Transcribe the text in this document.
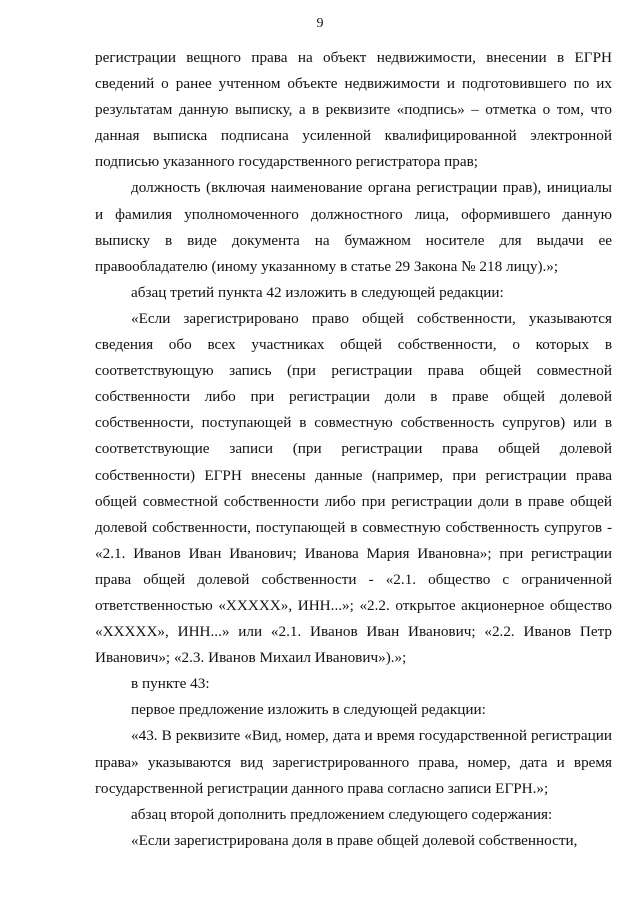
9

регистрации вещного права на объект недвижимости, внесении в ЕГРН сведений о ранее учтенном объекте недвижимости и подготовившего по их результатам данную выписку, а в реквизите «подпись» – отметка о том, что данная выписка подписана усиленной квалифицированной электронной подписью указанного государственного регистратора прав;

должность (включая наименование органа регистрации прав), инициалы и фамилия уполномоченного должностного лица, оформившего данную выписку в виде документа на бумажном носителе для выдачи ее правообладателю (иному указанному в статье 29 Закона № 218 лицу).»;

абзац третий пункта 42 изложить в следующей редакции:

«Если зарегистрировано право общей собственности, указываются сведения обо всех участниках общей собственности, о которых в соответствующую запись (при регистрации права общей совместной собственности либо при регистрации доли в праве общей долевой собственности, поступающей в совместную собственность супругов) или в соответствующие записи (при регистрации права общей долевой собственности) ЕГРН внесены данные (например, при регистрации права общей совместной собственности либо при регистрации доли в праве общей долевой собственности, поступающей в совместную собственность супругов - «2.1. Иванов Иван Иванович; Иванова Мария Ивановна»; при регистрации права общей долевой собственности - «2.1. общество с ограниченной ответственностью «XXXXX», ИНН...»; «2.2. открытое акционерное общество «XXXXX», ИНН...» или «2.1. Иванов Иван Иванович; «2.2. Иванов Петр Иванович»; «2.3. Иванов Михаил Иванович»).»;

в пункте 43:

первое предложение изложить в следующей редакции:

«43. В реквизите «Вид, номер, дата и время государственной регистрации права» указываются вид зарегистрированного права, номер, дата и время государственной регистрации данного права согласно записи ЕГРН.»;

абзац второй дополнить предложением следующего содержания:

«Если зарегистрирована доля в праве общей долевой собственности,
